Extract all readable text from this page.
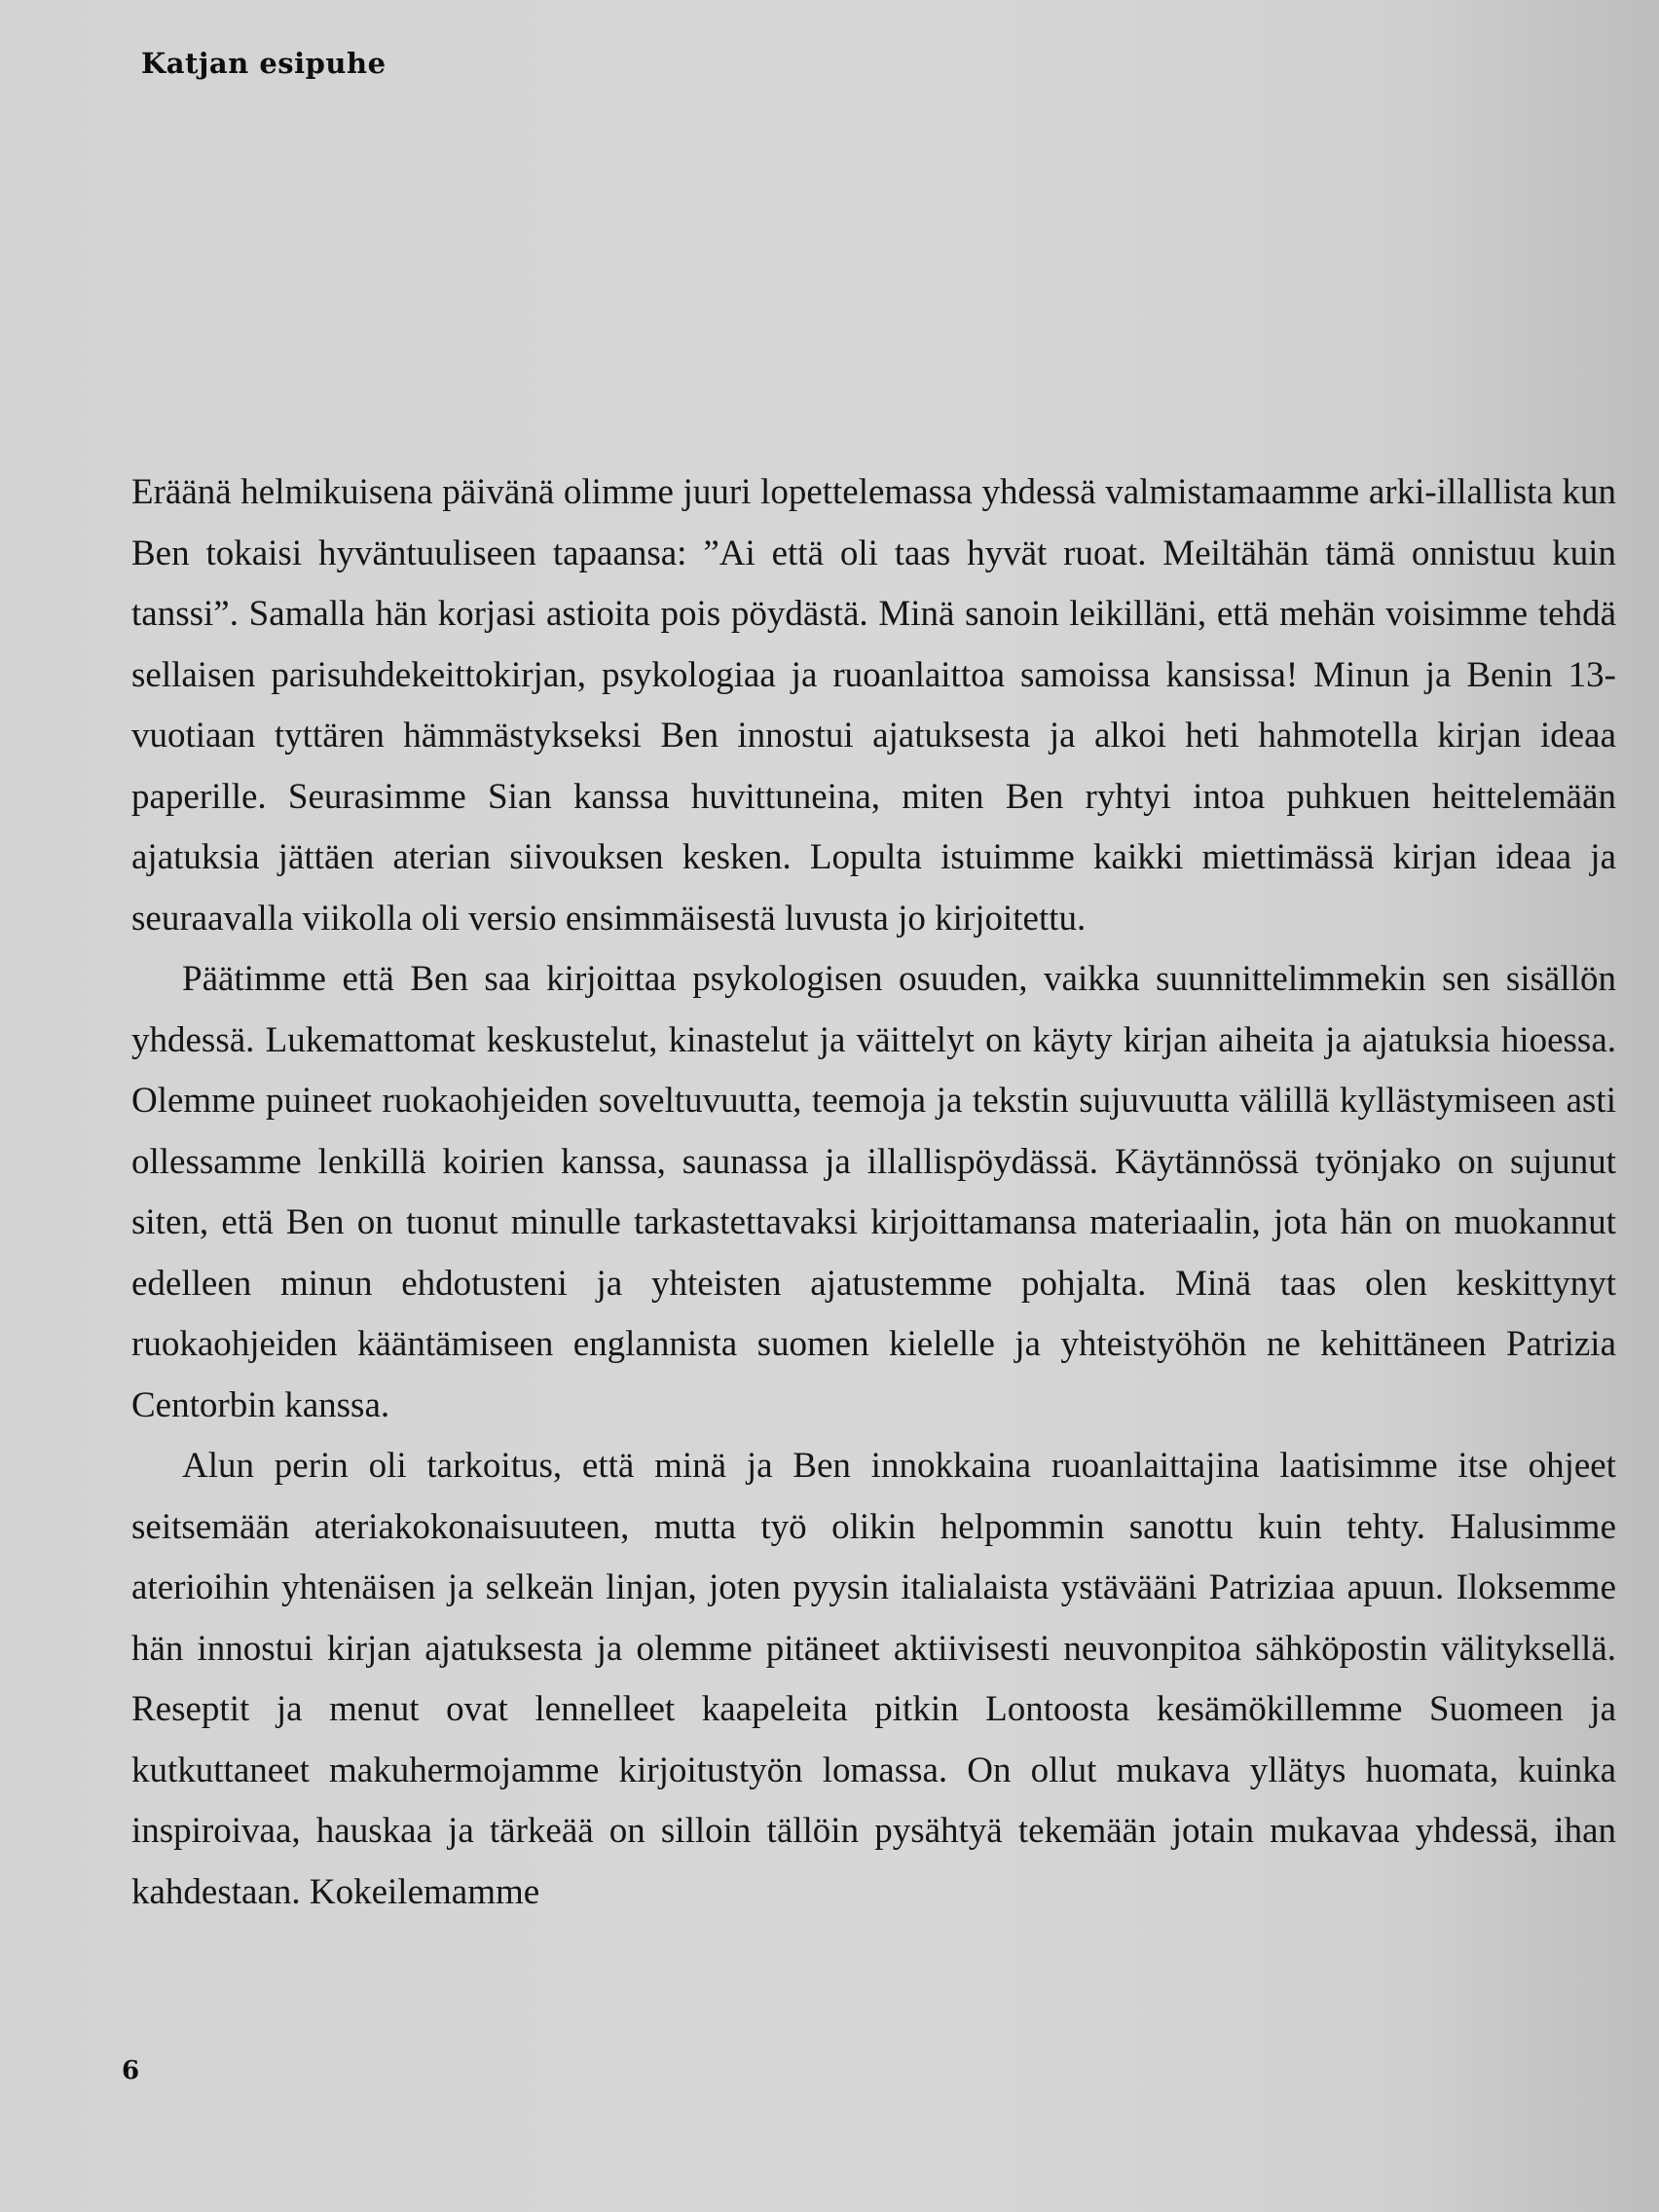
Katjan esipuhe

Eräänä helmikuisena päivänä olimme juuri lopettelemassa yhdessä valmistamaamme arki-illallista kun Ben tokaisi hyväntuuliseen tapaansa: ”Ai että oli taas hyvät ruoat. Meiltähän tämä onnistuu kuin tanssi”. Samalla hän korjasi astioita pois pöydästä. Minä sanoin leikilläni, että mehän voisimme tehdä sellaisen parisuhdekeittokirjan, psykologiaa ja ruoanlaittoa samoissa kansissa! Minun ja Benin 13-vuotiaan tyttären hämmästykseksi Ben innostui ajatuksesta ja alkoi heti hahmotella kirjan ideaa paperille. Seurasimme Sian kanssa huvittuneina, miten Ben ryhtyi intoa puhkuen heittelemään ajatuksia jättäen aterian siivouksen kesken. Lopulta istuimme kaikki miettimässä kirjan ideaa ja seuraavalla viikolla oli versio ensimmäisestä luvusta jo kirjoitettu.

Päätimme että Ben saa kirjoittaa psykologisen osuuden, vaikka suunnittelimmekin sen sisällön yhdessä. Lukemattomat keskustelut, kinastelut ja väittelyt on käyty kirjan aiheita ja ajatuksia hioessa. Olemme puineet ruokaohjeiden soveltuvuutta, teemoja ja tekstin sujuvuutta välillä kyllästymiseen asti ollessamme lenkillä koirien kanssa, saunassa ja illallispöydässä. Käytännössä työnjako on sujunut siten, että Ben on tuonut minulle tarkastettavaksi kirjoittamansa materiaalin, jota hän on muokannut edelleen minun ehdotusteni ja yhteisten ajatustemme pohjalta. Minä taas olen keskittynyt ruokaohjeiden kääntämiseen englannista suomen kielelle ja yhteistyöhön ne kehittäneen Patrizia Centorbin kanssa.

Alun perin oli tarkoitus, että minä ja Ben innokkaina ruoanlaittajina laatisimme itse ohjeet seitsemään ateriakokonaisuuteen, mutta työ olikin helpommin sanottu kuin tehty. Halusimme aterioihin yhtenäisen ja selkeän linjan, joten pyysin italialaista ystävääni Patriziaa apuun. Iloksemme hän innostui kirjan ajatuksesta ja olemme pitäneet aktiivisesti neuvonpitoa sähköpostin välityksellä. Reseptit ja menut ovat lennelleet kaapeleita pitkin Lontoosta kesämökillemme Suomeen ja kutkuttaneet makuhermojamme kirjoitustyön lomassa. On ollut mukava yllätys huomata, kuinka inspiroivaa, hauskaa ja tärkeää on silloin tällöin pysähtyä tekemään jotain mukavaa yhdessä, ihan kahdestaan. Kokeilemamme

6
